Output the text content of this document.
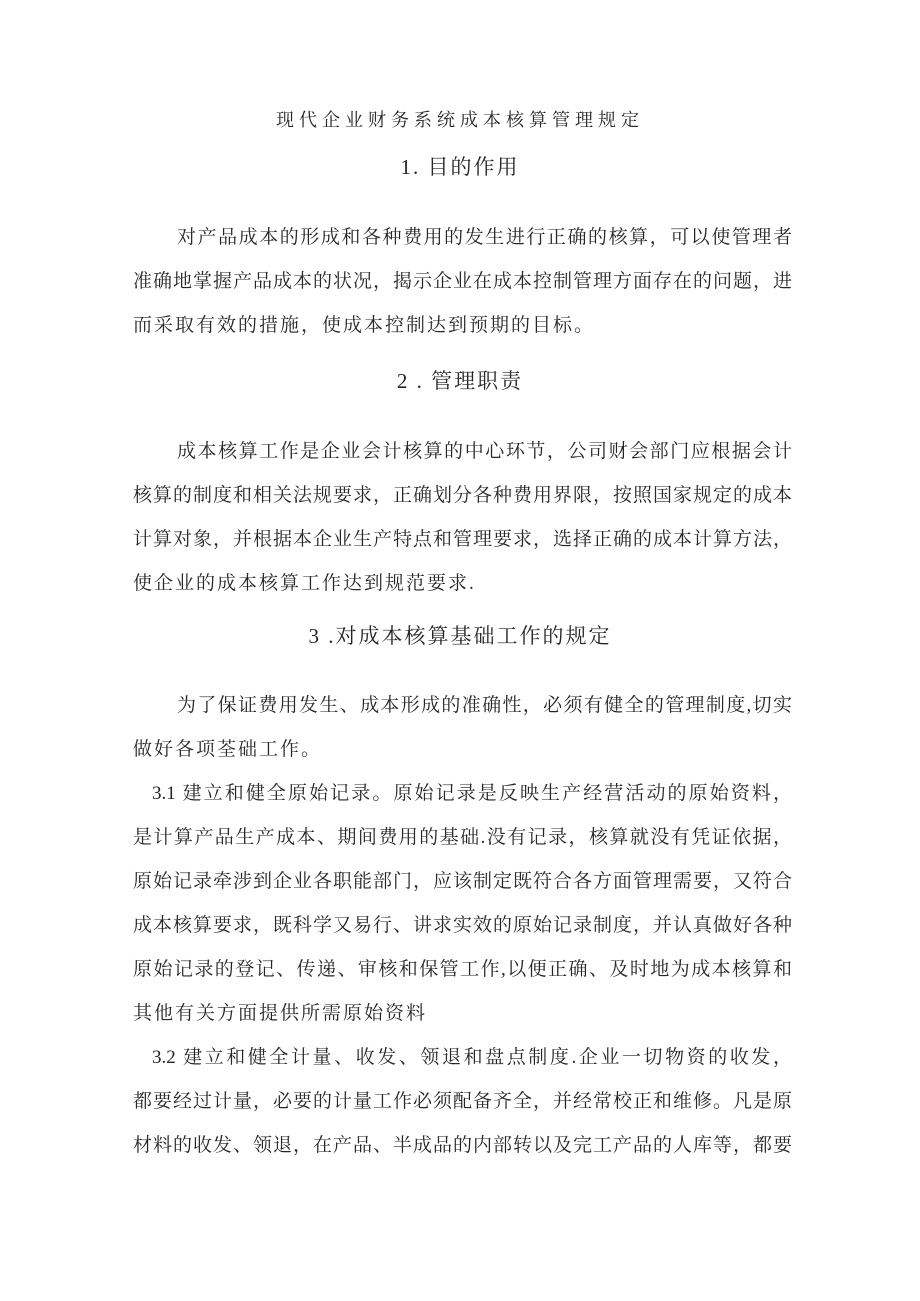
现代企业财务系统成本核算管理规定
1. 目的作用
对产品成本的形成和各种费用的发生进行正确的核算，可以使管理者
准确地掌握产品成本的状况，揭示企业在成本控制管理方面存在的问题，进
而采取有效的措施，使成本控制达到预期的目标。
2 . 管理职责
成本核算工作是企业会计核算的中心环节，公司财会部门应根据会计
核算的制度和相关法规要求，正确划分各种费用界限，按照国家规定的成本
计算对象，并根据本企业生产特点和管理要求，选择正确的成本计算方法，
使企业的成本核算工作达到规范要求.
3 .对成本核算基础工作的规定
为了保证费用发生、成本形成的准确性，必须有健全的管理制度,切实
做好各项荃础工作。
3.1 建立和健全原始记录。原始记录是反映生产经营活动的原始资料，
是计算产品生产成本、期间费用的基础.没有记录，核算就没有凭证依据，
原始记录牵涉到企业各职能部门，应该制定既符合各方面管理需要，又符合
成本核算要求，既科学又易行、讲求实效的原始记录制度，并认真做好各种
原始记录的登记、传递、审核和保管工作,以便正确、及时地为成本核算和
其他有关方面提供所需原始资料
3.2 建立和健全计量、收发、领退和盘点制度.企业一切物资的收发，
都要经过计量，必要的计量工作必须配备齐全，并经常校正和维修。凡是原
材料的收发、领退，在产品、半成品的内部转以及完工产品的人库等，都要
